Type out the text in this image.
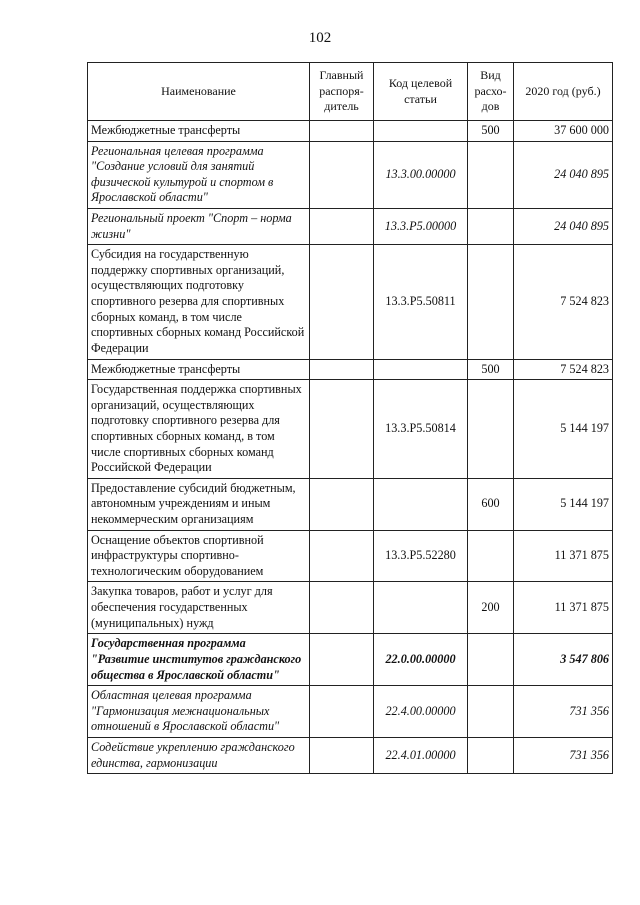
102
Наименование	Главный распоря-дитель	Код целевой статьи	Вид расхо-дов	2020 год (руб.)
Межбюджетные трансферты			500	37 600 000
Региональная целевая программа "Создание условий для занятий физической культурой и спортом в Ярославской области"		13.3.00.00000		24 040 895
Региональный проект "Спорт – норма жизни"		13.3.P5.00000		24 040 895
Субсидия на государственную поддержку спортивных организаций, осуществляющих подготовку спортивного резерва для спортивных сборных команд, в том числе спортивных сборных команд Российской Федерации		13.3.P5.50811		7 524 823
Межбюджетные трансферты			500	7 524 823
Государственная поддержка спортивных организаций, осуществляющих подготовку спортивного резерва для спортивных сборных команд, в том числе спортивных сборных команд Российской Федерации		13.3.P5.50814		5 144 197
Предоставление субсидий бюджетным, автономным учреждениям и иным некоммерческим организациям			600	5 144 197
Оснащение объектов спортивной инфраструктуры спортивно-технологическим оборудованием		13.3.P5.52280		11 371 875
Закупка товаров, работ и услуг для обеспечения государственных (муниципальных) нужд			200	11 371 875
Государственная программа "Развитие институтов гражданского общества в Ярославской области"		22.0.00.00000		3 547 806
Областная целевая программа "Гармонизация межнациональных отношений в Ярославской области"		22.4.00.00000		731 356
Содействие укреплению гражданского единства, гармонизации		22.4.01.00000		731 356
